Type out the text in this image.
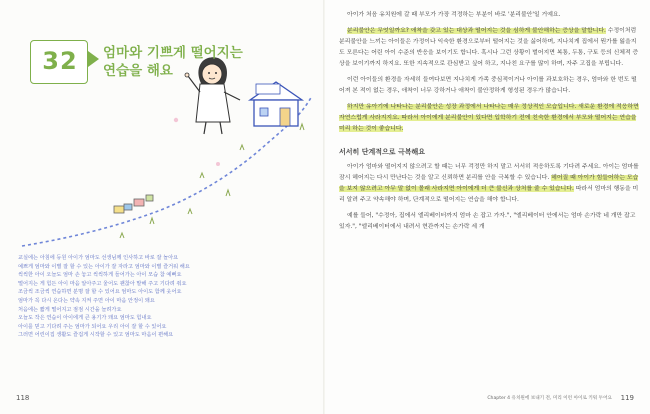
32	엄마와 기쁘게 떨어지는
연습을 해요

교실에는 아침에 등원 아이가 엄마도 선생님께 인사하고 바로 잘 놀아요

예쁘게 엄마와 이별 잘 할 수 있는 아이가 잘 자라고 엄마와 이별 즐거워 해요

씩씩한 아이 오늘도 엄마 손 놓고 씩씩하게 들어가는 아이 모습 참 예뻐요

떨어지는 게 힘든 아이 마음 알아주고 울어도 괜찮아 말해 주고 기다려 줘요

조금씩 조금씩 연습하면 분명 잘 할 수 있어요 엄마도 아이도 함께 웃어요

엄마가 꼭 다시 온다는 약속 지켜 주면 아이 마음 안정이 돼요

처음에는 짧게 떨어지고 점점 시간을 늘려가요

오늘도 작은 연습이 아이에게 큰 용기가 돼요 엄마도 힘내요

아이를 믿고 기다려 주는 엄마가 되어요 우리 아이 잘 할 수 있어요

그러면 어린이집 생활도 즐겁게 시작할 수 있고 엄마도 마음이 편해요

118

아이가 처음 유치원에 갈 때 부모가 가장 걱정하는 부분이 바로 '분리불안'일 거예요.

분리불안은 무엇일까요? 애착을 갖고 있는 대상과 떨어지는 것을 심하게 불안해하는 증상을 말합니다. 수정이처럼 분리불안을 느끼는 아이들은 가정이나 익숙한 환경으로부터 떨어지는 것을 싫어하며, 지나치게 집에서 뭔가를 잃을지도 모른다는 어린 아이 수준의 반응을 보이기도 합니다. 혹시나 그런 상황이 벌어지면 복통, 두통, 구토 등의 신체적 증상을 보이기까지 하지요. 또한 지속적으로 관심받고 싶어 하고, 지나친 요구를 많이 하며, 자주 고집을 부립니다.

이런 아이들의 환경을 자세히 들여다보면 지나치게 가족 중심적이거나 아이를 과보호하는 경우, 엄마와 한 번도 떨어져 본 적이 없는 경우, 애착이 너무 강하거나 애착이 불안정하게 형성된 경우가 많습니다.

하지만 유아기에 나타나는 분리불안은 성장 과정에서 나타나는 매우 정상적인 모습입니다. 새로운 환경에 적응하면 자연스럽게 사라지지요. 따라서 아이에게 분리불안이 있다면 입학하기 전에 친숙한 환경에서 부모와 떨어지는 연습을 미리 하는 것이 좋습니다.

서서히 단계적으로 극복해요

아이가 엄마와 떨어지지 않으려고 할 때는 너무 걱정만 하지 말고 서서히 적응하도록 기다려 주세요. 아이는 엄마를 잠시 헤어지는 다시 만난다는 것을 알고 신뢰하면 분리를 안을 극복할 수 있습니다. 헤어질 때 아이가 힘들어하는 모습을 보지 않으려고 아무 말 없이 몰래 사라지면 아이에게 더 큰 불신과 상처를 줄 수 있습니다. 따라서 엄마의 행동을 미리 알려 주고 약속해야 하며, 단계적으로 떨어지는 연습을 해야 합니다.

예를 들어, "수정아, 집에서 엘리베이터까지 엄마 손 잡고 가자.", "엘리베이터 안에서는 엄마 손가락 네 개만 잡고 있자.", "엘리베이터에서 내려서 현관까지는 손가락 세 개

Chapter 4 유치원에 보내기 전, 미리 이런 아이로 키워 두어요 119
